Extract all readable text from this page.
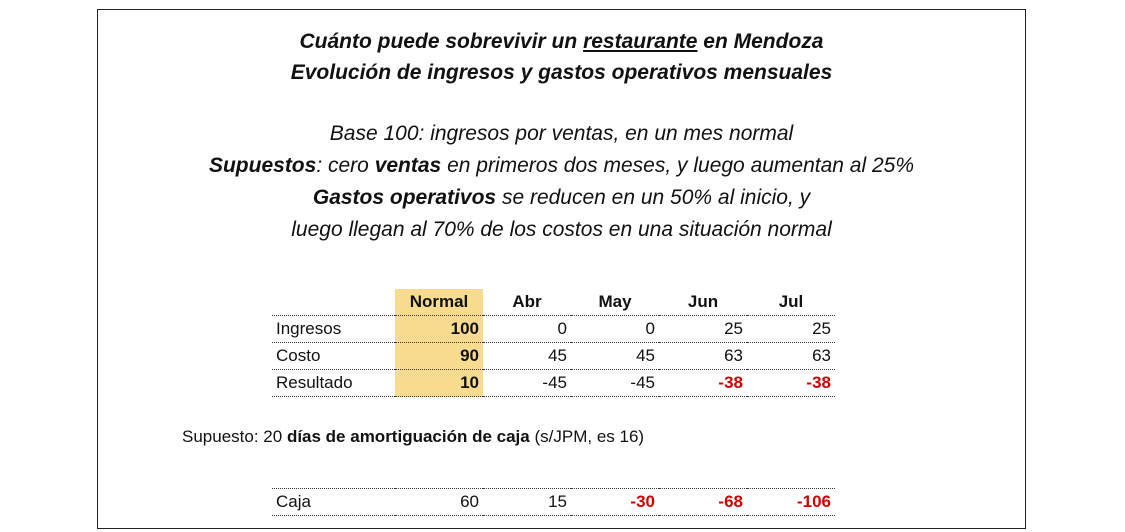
Cuánto puede sobrevivir un restaurante en Mendoza
Evolución de ingresos y gastos operativos mensuales
Base 100: ingresos por ventas, en un mes normal
Supuestos: cero ventas en primeros dos meses, y luego aumentan al 25%
Gastos operativos se reducen en un 50% al inicio, y
luego llegan al 70% de los costos en una situación normal
	Normal	Abr	May	Jun	Jul
Ingresos	100	0	0	25	25
Costo	90	45	45	63	63
Resultado	10	-45	-45	-38	-38
Supuesto: 20 días de amortiguación de caja (s/JPM, es 16)
Caja	60	15	-30	-68	-106
